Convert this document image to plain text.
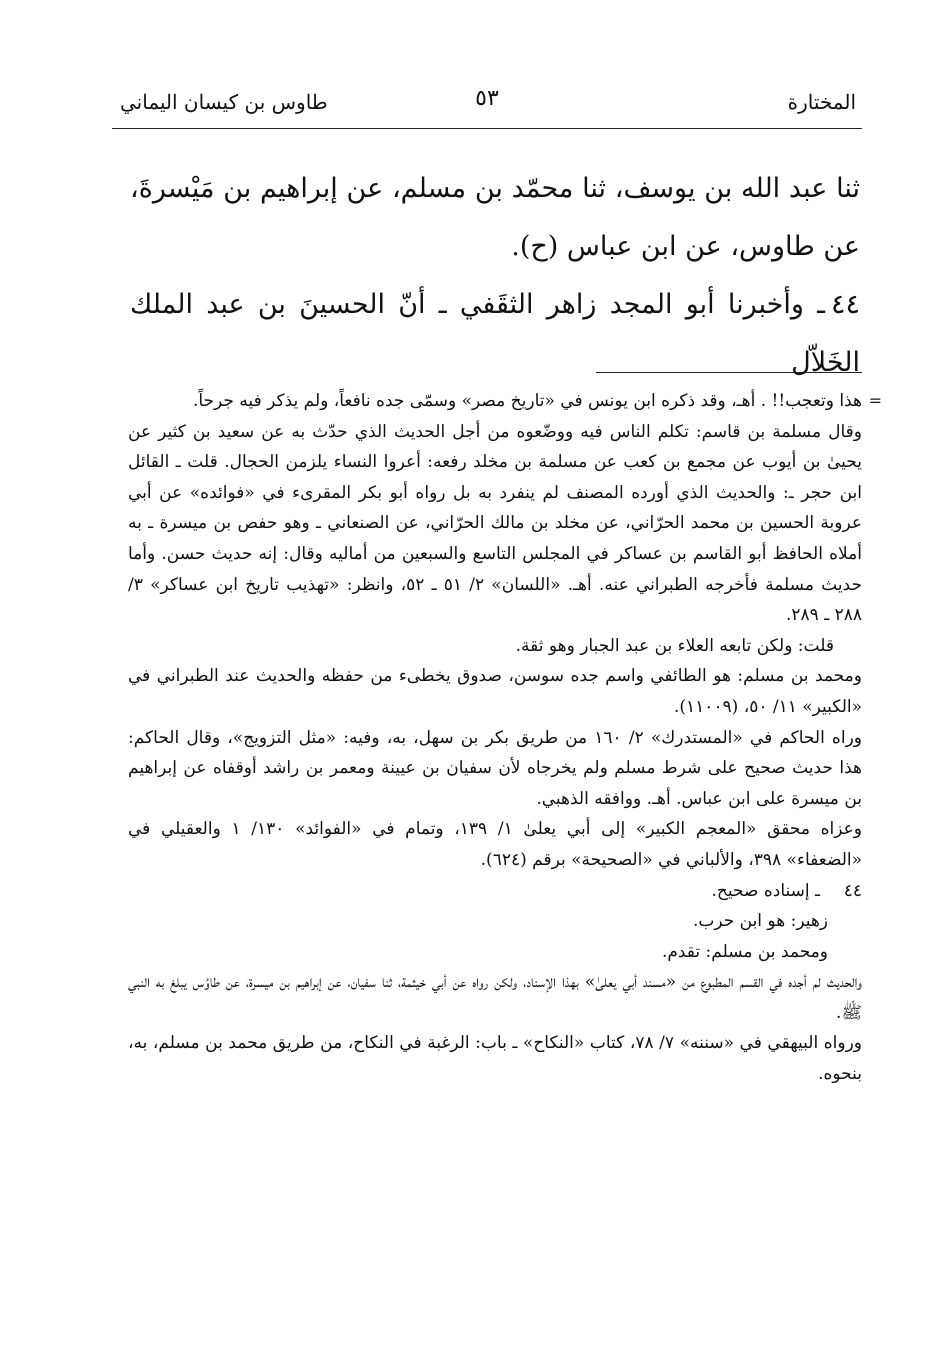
المختارة
٥٣
طاوس بن كيسان اليماني

ثنا عبد الله بن يوسف، ثنا محمّد بن مسلم، عن إبراهيم بن مَيْسرةَ، عن طاوس، عن ابن عباس (ح).

٤٤ـ وأخبرنا أبو المجد زاهر الثقَفي ـ أنّ الحسينَ بن عبد الملك الخَلاّل

=
هذا وتعجب!! . أهـ، وقد ذكره ابن يونس في «تاريخ مصر» وسمّى جده نافعاً، ولم يذكر فيه جرحاً.

وقال مسلمة بن قاسم: تكلم الناس فيه ووضّعوه من أجل الحديث الذي حدّث به عن سعيد بن كثير عن يحيىٰ بن أيوب عن مجمع بن كعب عن مسلمة بن مخلد رفعه: أعروا النساء يلزمن الحجال. قلت ـ القائل ابن حجر ـ: والحديث الذي أورده المصنف لم ينفرد به بل رواه أبو بكر المقرىء في «فوائده» عن أبي عروبة الحسين بن محمد الحرّاني، عن مخلد بن مالك الحرّاني، عن الصنعاني ـ وهو حفص بن ميسرة ـ به أملاه الحافظ أبو القاسم بن عساكر في المجلس التاسع والسبعين من أماليه وقال: إنه حديث حسن. وأما حديث مسلمة فأخرجه الطبراني عنه. أهـ. «اللسان» ٢/ ٥١ ـ ٥٢، وانظر: «تهذيب تاريخ ابن عساكر» ٣/ ٢٨٨ ـ ٢٨٩.

قلت: ولكن تابعه العلاء بن عبد الجبار وهو ثقة.

ومحمد بن مسلم: هو الطائفي واسم جده سوسن، صدوق يخطىء من حفظه والحديث عند الطبراني في «الكبير» ١١/ ٥٠، (١١٠٠٩).

وراه الحاكم في «المستدرك» ٢/ ١٦٠ من طريق بكر بن سهل، به، وفيه: «مثل التزويج»، وقال الحاكم: هذا حديث صحيح على شرط مسلم ولم يخرجاه لأن سفيان بن عيينة ومعمر بن راشد أوقفاه عن إبراهيم بن ميسرة على ابن عباس. أهـ. ووافقه الذهبي.

وعزاه محقق «المعجم الكبير» إلى أبي يعلىٰ ١/ ١٣٩، وتمام في «الفوائد» ١٣٠/ ١ والعقيلي في «الضعفاء» ٣٩٨، والألباني في «الصحيحة» برقم (٦٢٤).

٤٤
ـ إسناده صحيح.

زهير: هو ابن حرب.

ومحمد بن مسلم: تقدم.

والحديث لم أجده في القسم المطبوع من «مسند أبي يعلىٰ» بهذا الإسناد، ولكن رواه عن أبي خيثمة، ثنا سفيان، عن إبراهيم بن ميسرة، عن طاوُس يبلغ به النبي ﷺ.

ورواه البيهقي في «سننه» ٧/ ٧٨، كتاب «النكاح» ـ باب: الرغبة في النكاح، من طريق محمد بن مسلم، به، بنحوه.
